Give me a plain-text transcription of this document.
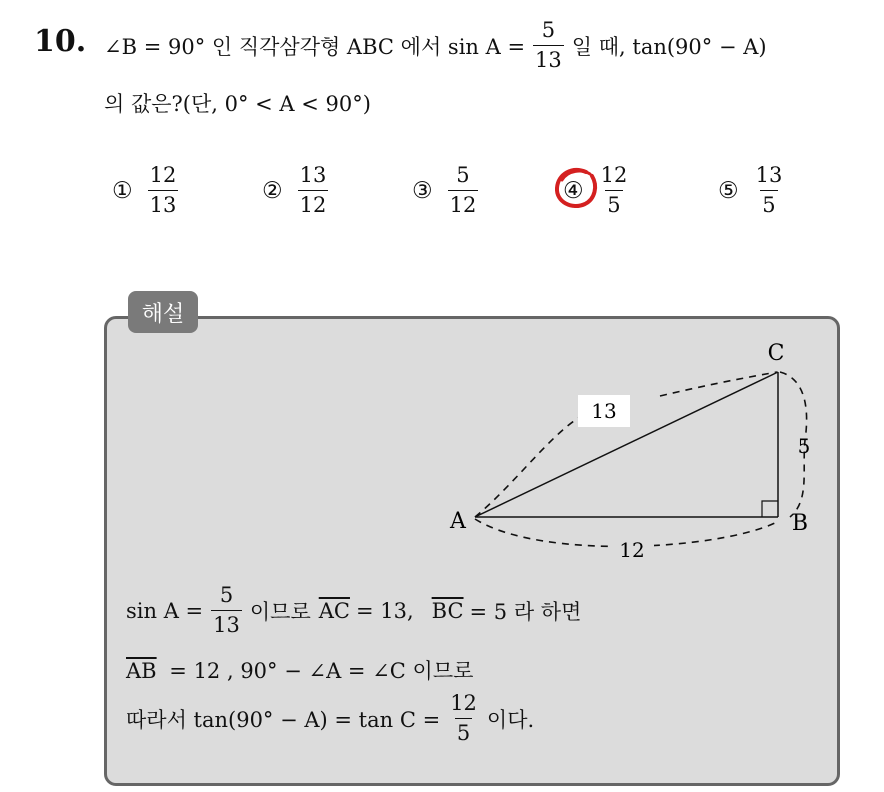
10. ∠B = 90° 인 직각삼각형 ABC 에서 $\sin A = \frac{5}{13}$ 일 때, tan(90° − A)
의 값은?(단, 0° < A < 90°)
① $\frac{12}{13}$	② $\frac{13}{12}$	③ $\frac{5}{12}$	④ $\frac{12}{5}$	⑤ $\frac{13}{5}$
해설
13
5
12
A	B
C
$\sin A = \frac{5}{13}$ 이므로 $\overline{AC} = 13$, $\overline{BC} = 5$ 라 하면
$\overline{AB} = 12$ , 90° − ∠A = ∠C 이므로
따라서 $\tan(90^\circ - A) = \tan C = \frac{12}{5}$ 이다.
